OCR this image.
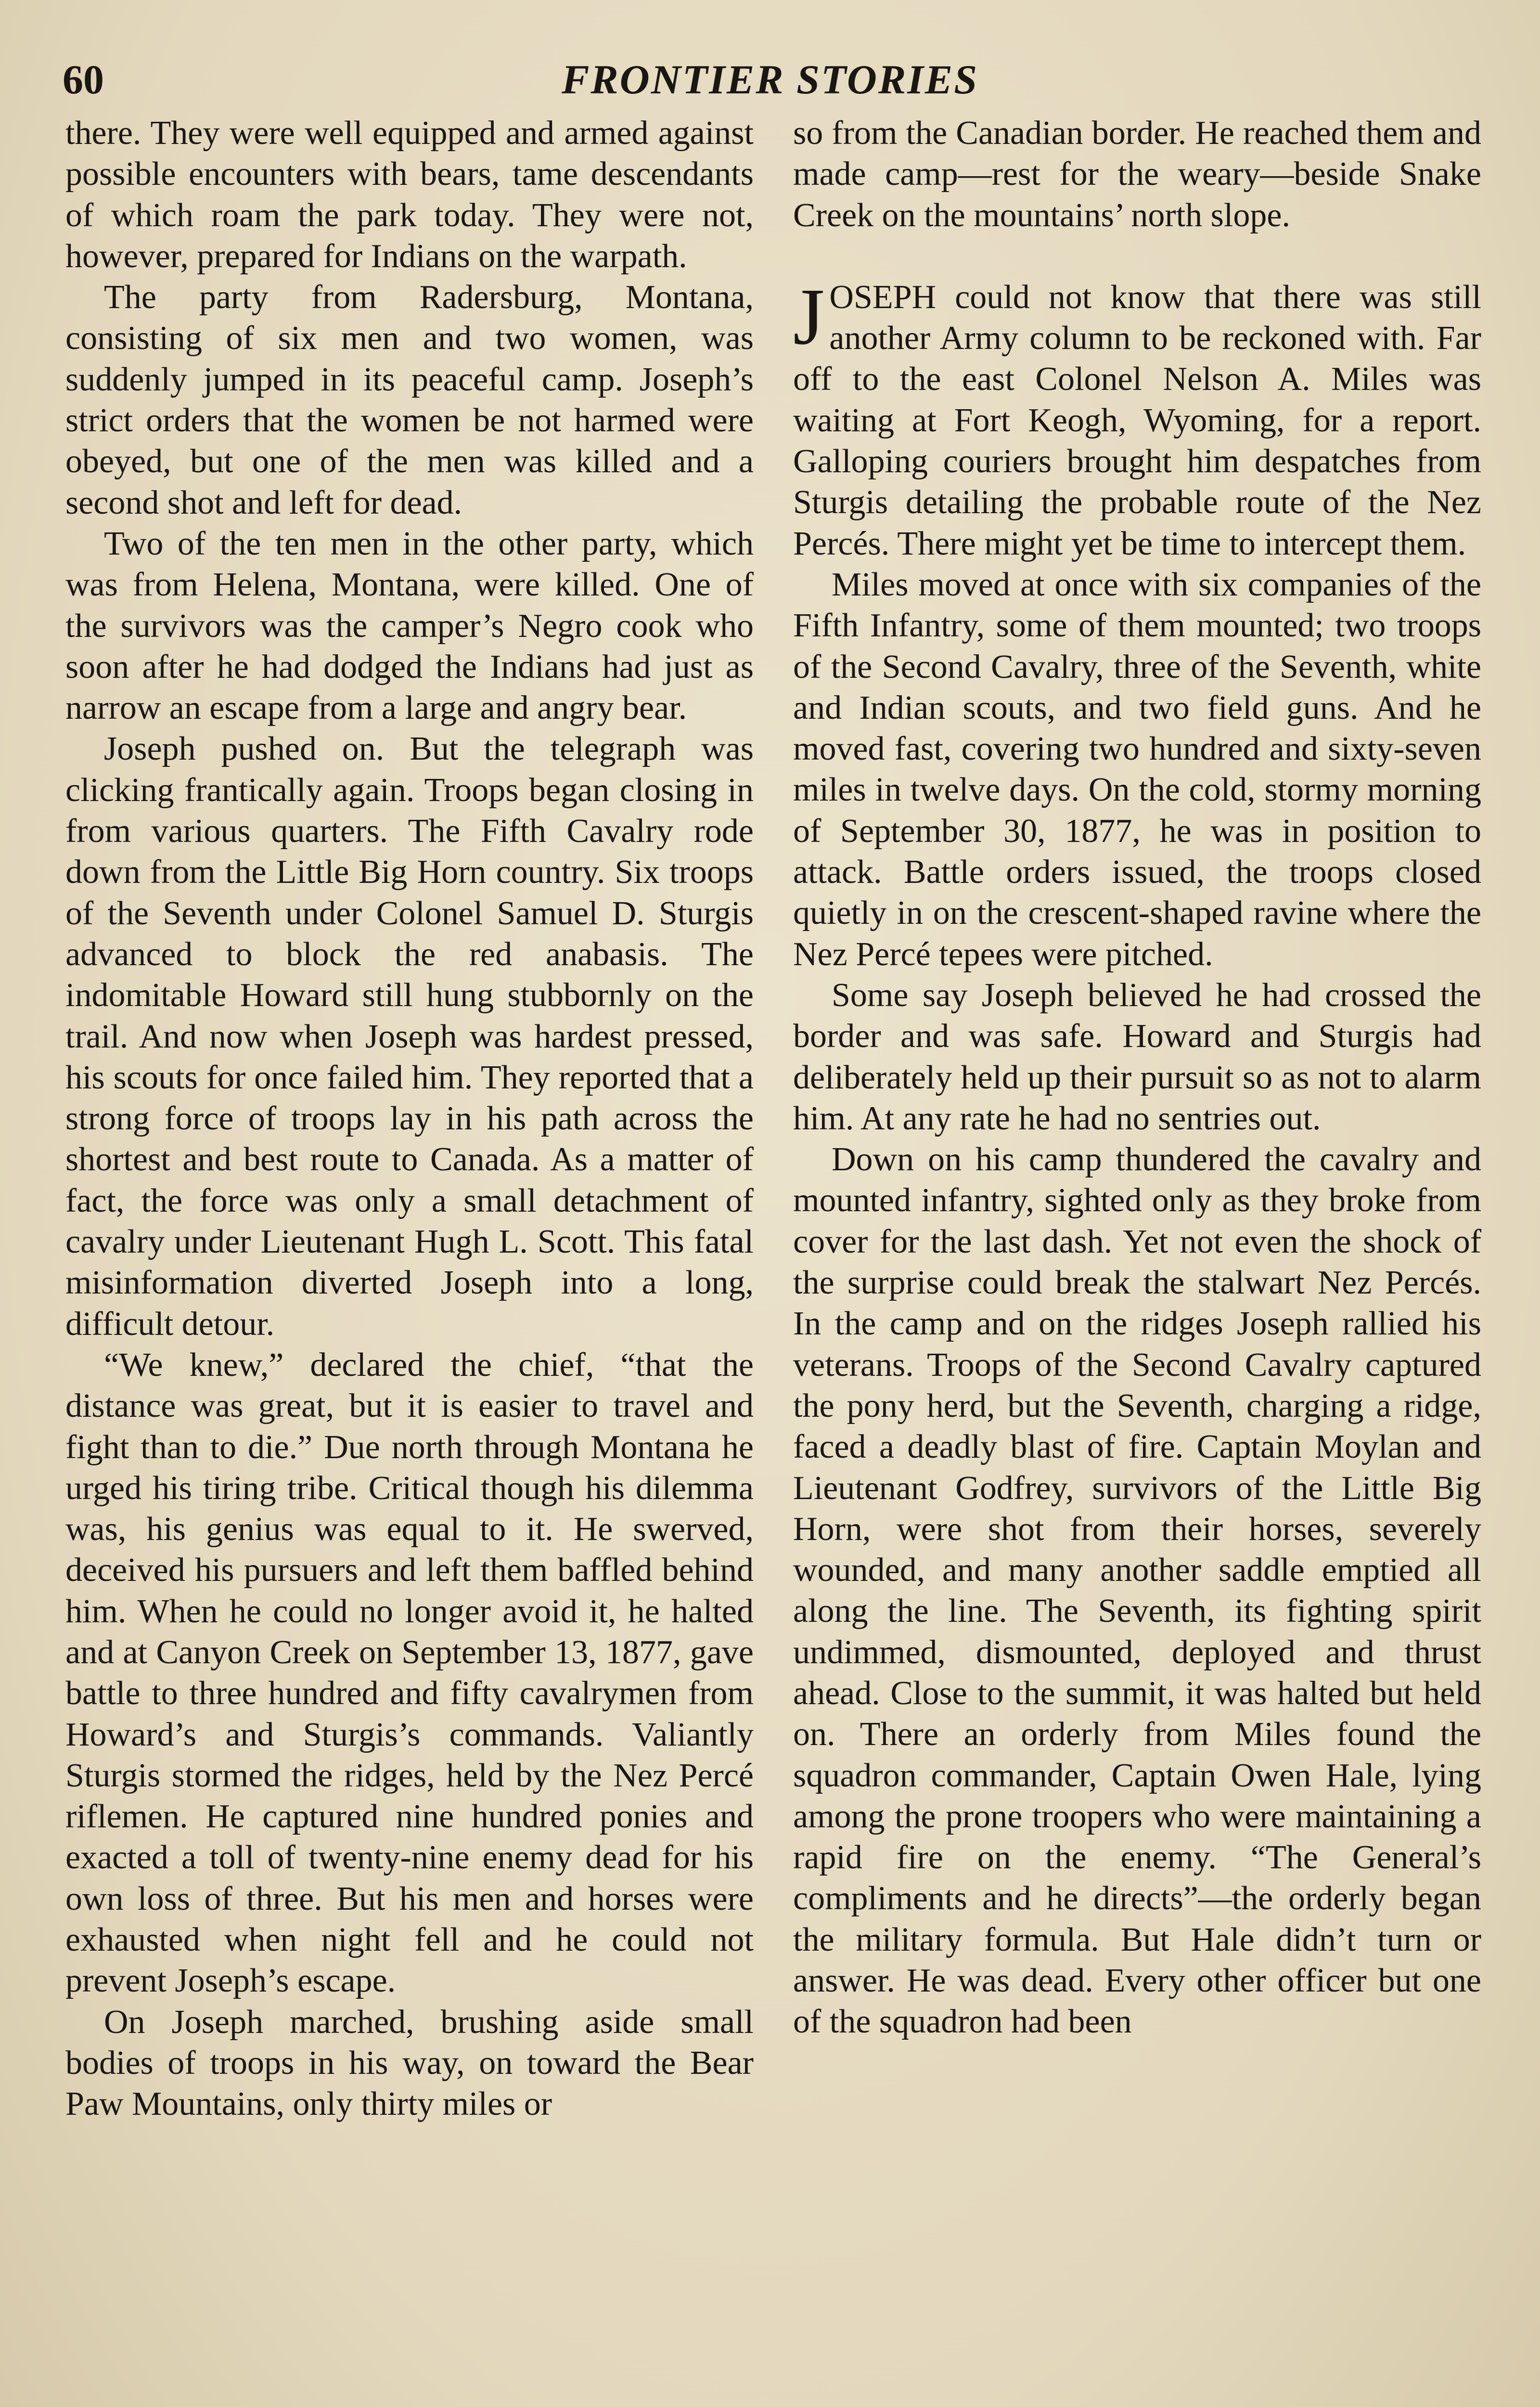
60	FRONTIER STORIES

there. They were well equipped and armed against possible encounters with bears, tame descendants of which roam the park today. They were not, however, prepared for Indians on the warpath.

The party from Radersburg, Montana, consisting of six men and two women, was suddenly jumped in its peaceful camp. Joseph’s strict orders that the women be not harmed were obeyed, but one of the men was killed and a second shot and left for dead.

Two of the ten men in the other party, which was from Helena, Montana, were killed. One of the survivors was the camper’s Negro cook who soon after he had dodged the Indians had just as narrow an escape from a large and angry bear.

Joseph pushed on. But the telegraph was clicking frantically again. Troops began closing in from various quarters. The Fifth Cavalry rode down from the Little Big Horn country. Six troops of the Seventh under Colonel Samuel D. Sturgis advanced to block the red anabasis. The indomitable Howard still hung stubbornly on the trail. And now when Joseph was hardest pressed, his scouts for once failed him. They reported that a strong force of troops lay in his path across the shortest and best route to Canada. As a matter of fact, the force was only a small detachment of cavalry under Lieutenant Hugh L. Scott. This fatal misinformation diverted Joseph into a long, difficult detour.

“We knew,” declared the chief, “that the distance was great, but it is easier to travel and fight than to die.” Due north through Montana he urged his tiring tribe. Critical though his dilemma was, his genius was equal to it. He swerved, deceived his pursuers and left them baffled behind him. When he could no longer avoid it, he halted and at Canyon Creek on September 13, 1877, gave battle to three hundred and fifty cavalrymen from Howard’s and Sturgis’s commands. Valiantly Sturgis stormed the ridges, held by the Nez Percé riflemen. He captured nine hundred ponies and exacted a toll of twenty-nine enemy dead for his own loss of three. But his men and horses were exhausted when night fell and he could not prevent Joseph’s escape.

On Joseph marched, brushing aside small bodies of troops in his way, on toward the Bear Paw Mountains, only thirty miles or

so from the Canadian border. He reached them and made camp—rest for the weary—beside Snake Creek on the mountains’ north slope.

JOSEPH could not know that there was still another Army column to be reckoned with. Far off to the east Colonel Nelson A. Miles was waiting at Fort Keogh, Wyoming, for a report. Galloping couriers brought him despatches from Sturgis detailing the probable route of the Nez Percés. There might yet be time to intercept them.

Miles moved at once with six companies of the Fifth Infantry, some of them mounted; two troops of the Second Cavalry, three of the Seventh, white and Indian scouts, and two field guns. And he moved fast, covering two hundred and sixty-seven miles in twelve days. On the cold, stormy morning of September 30, 1877, he was in position to attack. Battle orders issued, the troops closed quietly in on the crescent-shaped ravine where the Nez Percé tepees were pitched.

Some say Joseph believed he had crossed the border and was safe. Howard and Sturgis had deliberately held up their pursuit so as not to alarm him. At any rate he had no sentries out.

Down on his camp thundered the cavalry and mounted infantry, sighted only as they broke from cover for the last dash. Yet not even the shock of the surprise could break the stalwart Nez Percés. In the camp and on the ridges Joseph rallied his veterans. Troops of the Second Cavalry captured the pony herd, but the Seventh, charging a ridge, faced a deadly blast of fire. Captain Moylan and Lieutenant Godfrey, survivors of the Little Big Horn, were shot from their horses, severely wounded, and many another saddle emptied all along the line. The Seventh, its fighting spirit undimmed, dismounted, deployed and thrust ahead. Close to the summit, it was halted but held on. There an orderly from Miles found the squadron commander, Captain Owen Hale, lying among the prone troopers who were maintaining a rapid fire on the enemy. “The General’s compliments and he directs”—the orderly began the military formula. But Hale didn’t turn or answer. He was dead. Every other officer but one of the squadron had been
